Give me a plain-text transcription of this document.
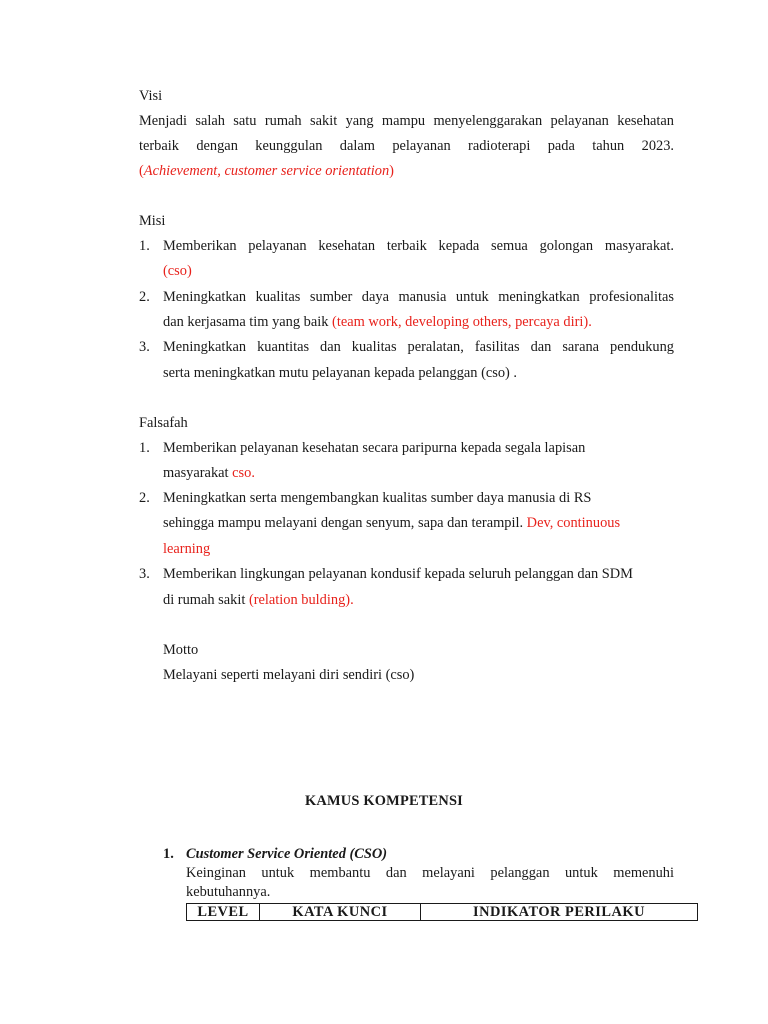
Visi
Menjadi salah satu rumah sakit yang mampu menyelenggarakan pelayanan kesehatan
terbaik dengan keunggulan dalam pelayanan radioterapi pada tahun 2023.
(Achievement, customer service orientation)
Misi
1. Memberikan pelayanan kesehatan terbaik kepada semua golongan masyarakat.
(cso)
2. Meningkatkan kualitas sumber daya manusia untuk meningkatkan profesionalitas
dan kerjasama tim yang baik (team work, developing others, percaya diri).
3. Meningkatkan kuantitas dan kualitas peralatan, fasilitas dan sarana pendukung
serta meningkatkan mutu pelayanan kepada pelanggan (cso) .
Falsafah
1. Memberikan pelayanan kesehatan secara paripurna kepada segala lapisan
masyarakat cso.
2. Meningkatkan serta mengembangkan kualitas sumber daya manusia di RS
sehingga mampu melayani dengan senyum, sapa dan terampil. Dev, continuous
learning
3. Memberikan lingkungan pelayanan kondusif kepada seluruh pelanggan dan SDM
di rumah sakit (relation bulding).
Motto
Melayani seperti melayani diri sendiri (cso)
KAMUS KOMPETENSI
1. Customer Service Oriented (CSO)
Keinginan untuk membantu dan melayani pelanggan untuk memenuhi
kebutuhannya.
LEVEL	KATA KUNCI	INDIKATOR PERILAKU
